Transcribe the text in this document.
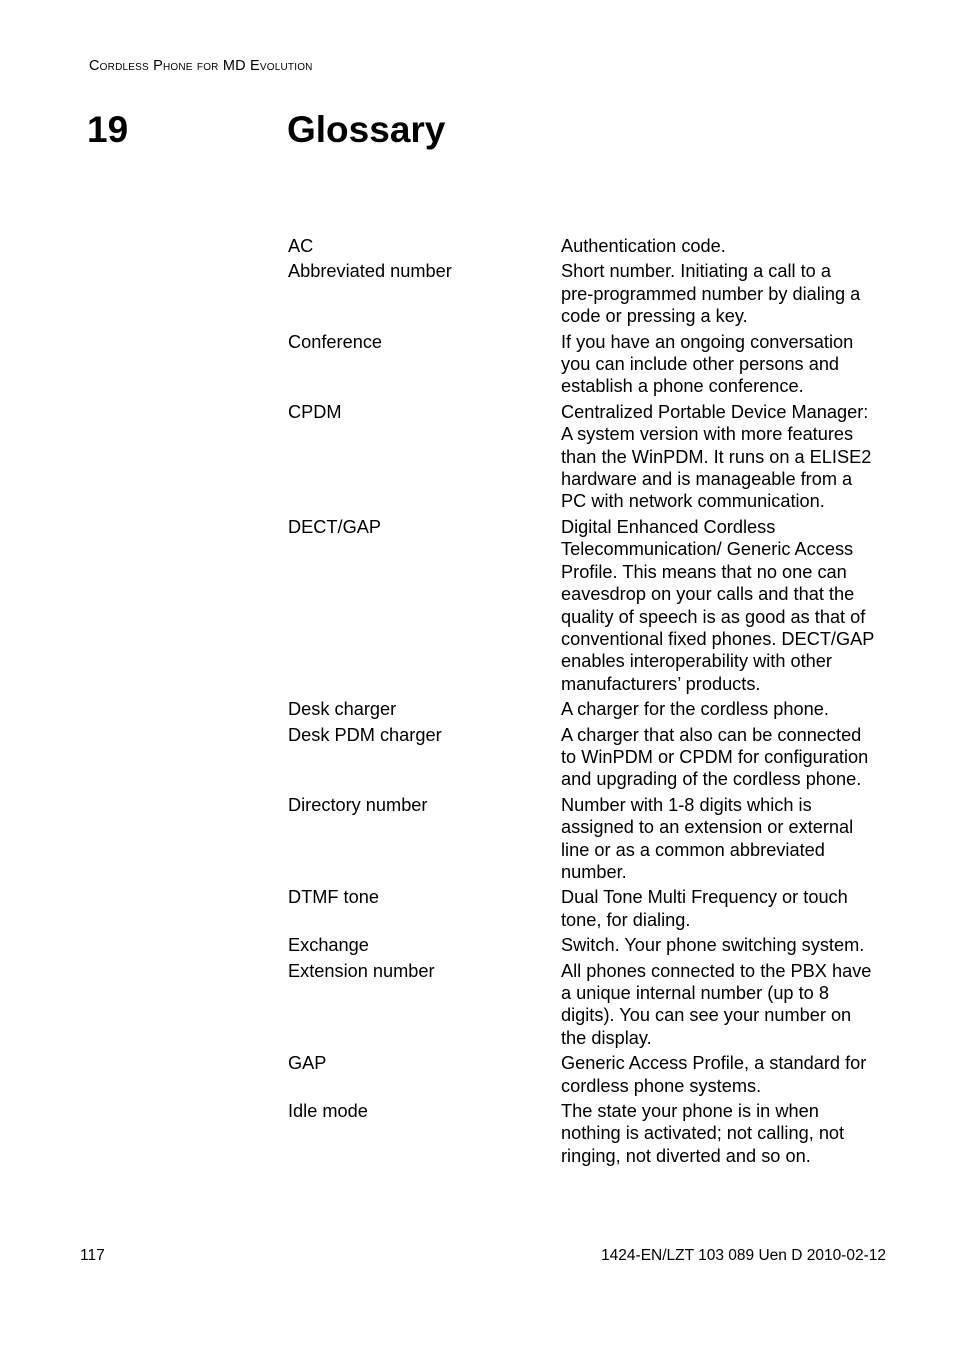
Cordless Phone for MD Evolution
19	Glossary
AC	Authentication code.
Abbreviated number	Short number. Initiating a call to a
pre-programmed number by dialing a
code or pressing a key.
Conference	If you have an ongoing conversation
you can include other persons and
establish a phone conference.
CPDM	Centralized Portable Device Manager:
A system version with more features
than the WinPDM. It runs on a ELISE2
hardware and is manageable from a
PC with network communication.
DECT/GAP	Digital Enhanced Cordless
Telecommunication/ Generic Access
Profile. This means that no one can
eavesdrop on your calls and that the
quality of speech is as good as that of
conventional fixed phones. DECT/GAP
enables interoperability with other
manufacturers’ products.
Desk charger	A charger for the cordless phone.
Desk PDM charger	A charger that also can be connected
to WinPDM or CPDM for configuration
and upgrading of the cordless phone.
Directory number	Number with 1-8 digits which is
assigned to an extension or external
line or as a common abbreviated
number.
DTMF tone	Dual Tone Multi Frequency or touch
tone, for dialing.
Exchange	Switch. Your phone switching system.
Extension number	All phones connected to the PBX have
a unique internal number (up to 8
digits). You can see your number on
the display.
GAP	Generic Access Profile, a standard for
cordless phone systems.
Idle mode	The state your phone is in when
nothing is activated; not calling, not
ringing, not diverted and so on.
117	1424-EN/LZT 103 089 Uen D 2010-02-12
